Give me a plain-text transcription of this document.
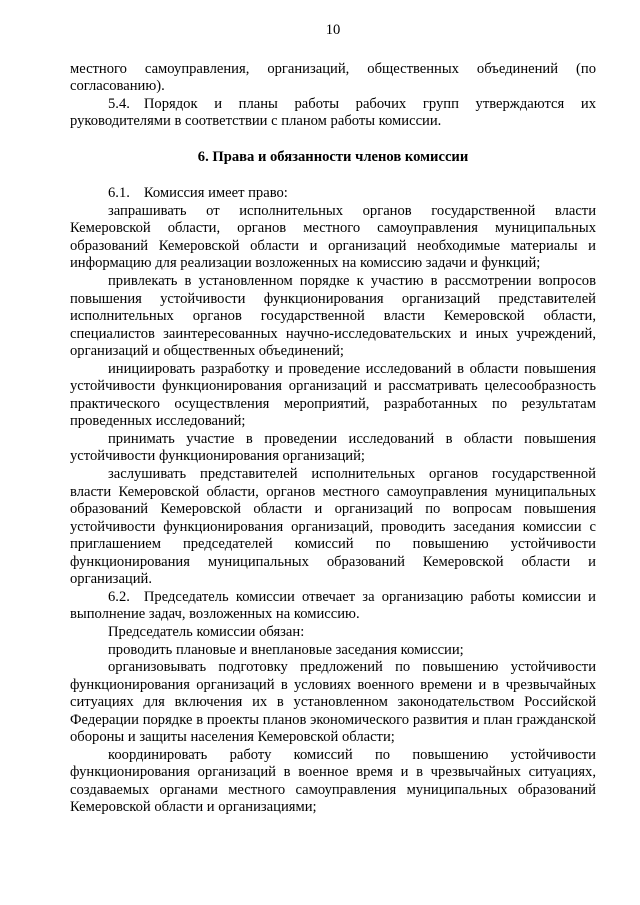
10

местного самоуправления, организаций, общественных объединений (по согласованию).

5.4. Порядок и планы работы рабочих групп утверждаются их руководителями в соответствии с планом работы комиссии.

6. Права и обязанности членов комиссии

6.1. Комиссия имеет право:

запрашивать от исполнительных органов государственной власти Кемеровской области, органов местного самоуправления муниципальных образований Кемеровской области и организаций необходимые материалы и информацию для реализации возложенных на комиссию задачи и функций;

привлекать в установленном порядке к участию в рассмотрении вопросов повышения устойчивости функционирования организаций представителей исполнительных органов государственной власти Кемеровской области, специалистов заинтересованных научно-исследовательских и иных учреждений, организаций и общественных объединений;

инициировать разработку и проведение исследований в области повышения устойчивости функционирования организаций и рассматривать целесообразность практического осуществления мероприятий, разработанных по результатам проведенных исследований;

принимать участие в проведении исследований в области повышения устойчивости функционирования организаций;

заслушивать представителей исполнительных органов государственной власти Кемеровской области, органов местного самоуправления муниципальных образований Кемеровской области и организаций по вопросам повышения устойчивости функционирования организаций, проводить заседания комиссии с приглашением председателей комиссий по повышению устойчивости функционирования муниципальных образований Кемеровской области и организаций.

6.2. Председатель комиссии отвечает за организацию работы комиссии и выполнение задач, возложенных на комиссию.

Председатель комиссии обязан:

проводить плановые и внеплановые заседания комиссии;

организовывать подготовку предложений по повышению устойчивости функционирования организаций в условиях военного времени и в чрезвычайных ситуациях для включения их в установленном законодательством Российской Федерации порядке в проекты планов экономического развития и план гражданской обороны и защиты населения Кемеровской области;

координировать работу комиссий по повышению устойчивости функционирования организаций в военное время и в чрезвычайных ситуациях, создаваемых органами местного самоуправления муниципальных образований Кемеровской области и организациями;
